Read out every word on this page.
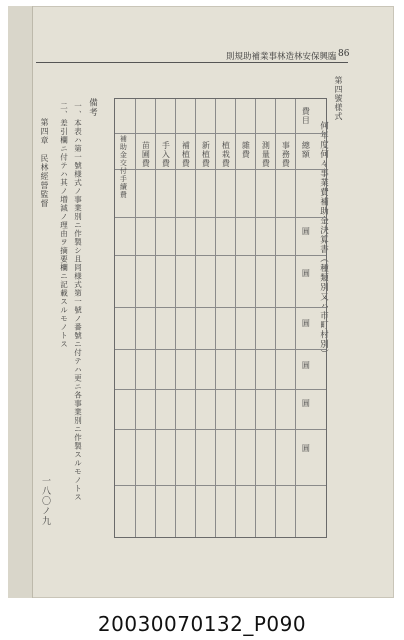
則規助補業事林造林安保興臨 86
第四號様式
何年度何々事業費補助金決算書（種類別又ハ市町村別）
費目
總額
事務費
測量費
雜費
植栽費
新植費
補植費
手入費
苗圃費
補助金交付手續費
圓
圓
圓
圓
圓
圓
備考
一、本表ハ第一號様式ノ事業別ニ作製シ且同様式第一號ノ番號ニ付テハ更ニ各事業別ニ作製スルモノトス
二、差引欄ニ付テハ其ノ増減ノ理由ヲ摘要欄ニ記載スルモノトス
第四章　民林經營監督
一八〇ノ九
20030070132_P090
